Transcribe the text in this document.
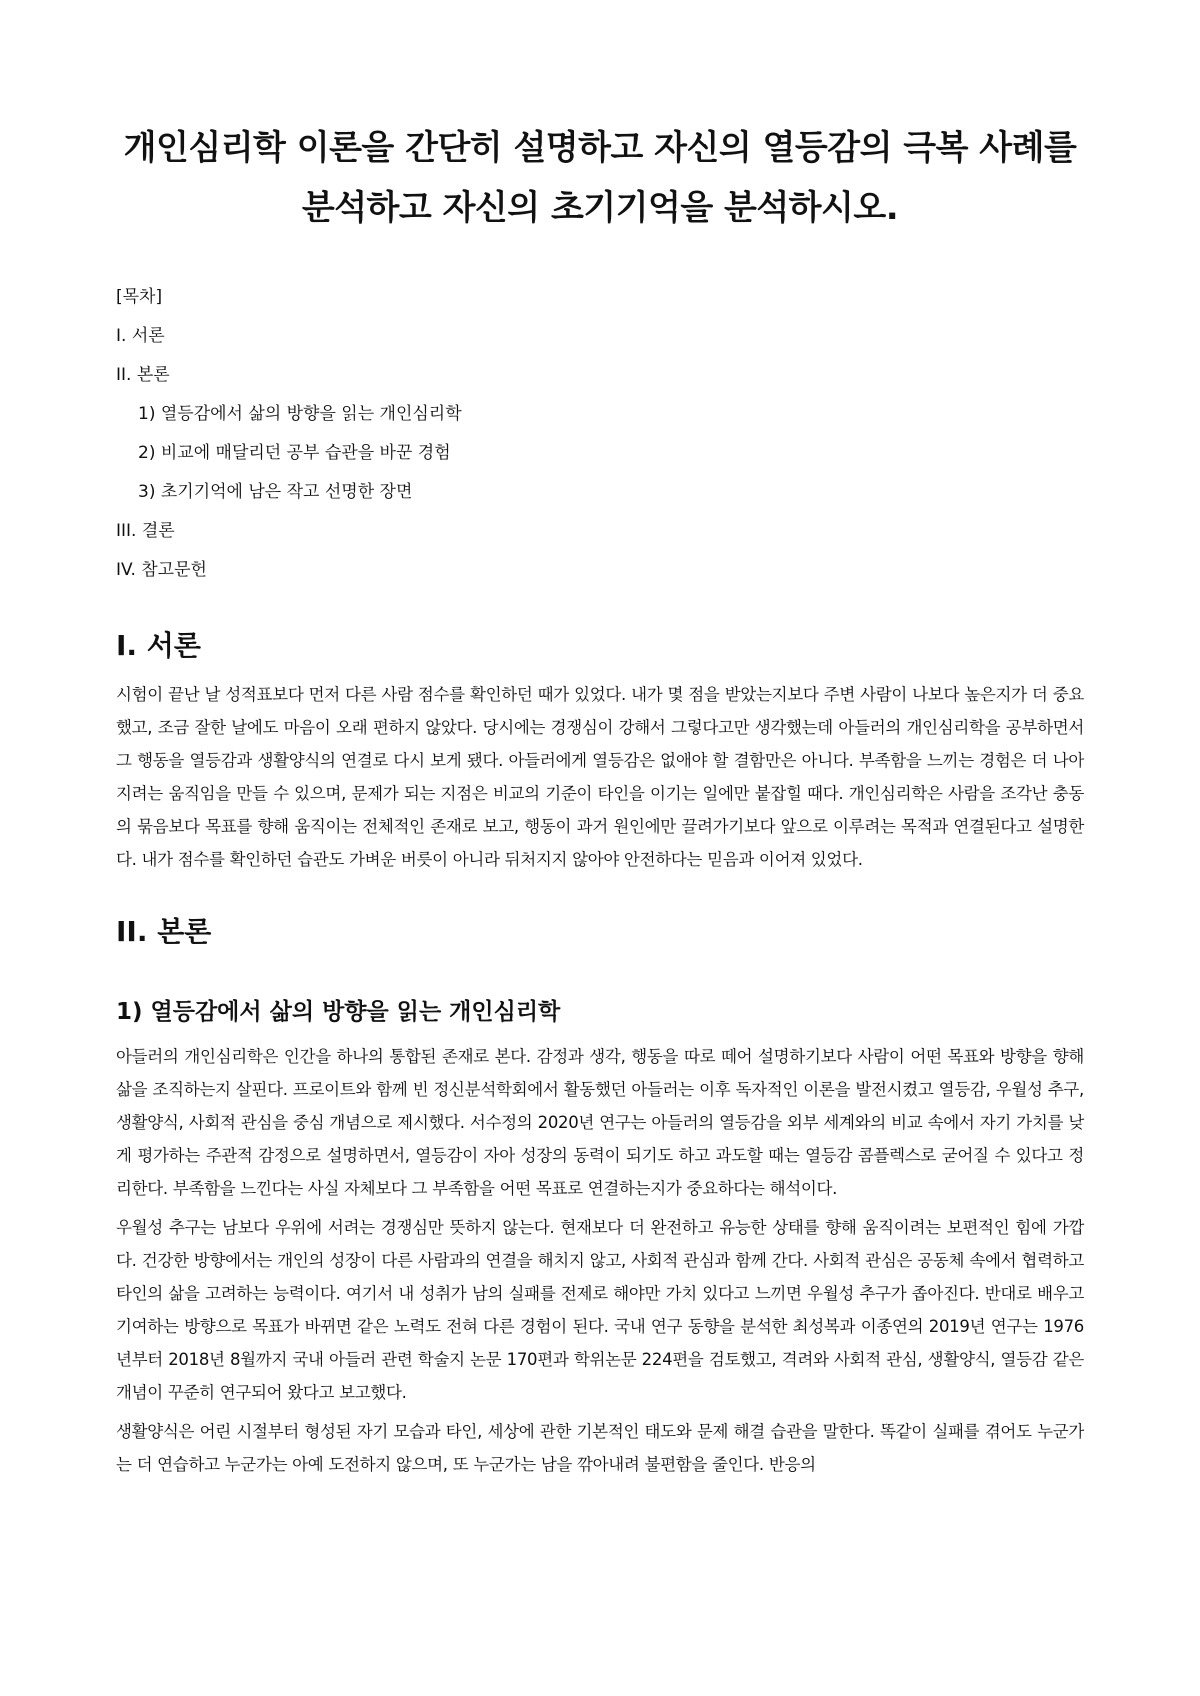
개인심리학 이론을 간단히 설명하고 자신의 열등감의 극복 사례를 분석하고 자신의 초기기억을 분석하시오.
[목차]
I. 서론
II. 본론
1) 열등감에서 삶의 방향을 읽는 개인심리학
2) 비교에 매달리던 공부 습관을 바꾼 경험
3) 초기기억에 남은 작고 선명한 장면
III. 결론
IV. 참고문헌
I. 서론

시험이 끝난 날 성적표보다 먼저 다른 사람 점수를 확인하던 때가 있었다. 내가 몇 점을 받았는지보다 주변 사람이 나보다 높은지가 더 중요했고, 조금 잘한 날에도 마음이 오래 편하지 않았다. 당시에는 경쟁심이 강해서 그렇다고만 생각했는데 아들러의 개인심리학을 공부하면서 그 행동을 열등감과 생활양식의 연결로 다시 보게 됐다. 아들러에게 열등감은 없애야 할 결함만은 아니다. 부족함을 느끼는 경험은 더 나아지려는 움직임을 만들 수 있으며, 문제가 되는 지점은 비교의 기준이 타인을 이기는 일에만 붙잡힐 때다. 개인심리학은 사람을 조각난 충동의 묶음보다 목표를 향해 움직이는 전체적인 존재로 보고, 행동이 과거 원인에만 끌려가기보다 앞으로 이루려는 목적과 연결된다고 설명한다. 내가 점수를 확인하던 습관도 가벼운 버릇이 아니라 뒤처지지 않아야 안전하다는 믿음과 이어져 있었다.

II. 본론
1) 열등감에서 삶의 방향을 읽는 개인심리학

아들러의 개인심리학은 인간을 하나의 통합된 존재로 본다. 감정과 생각, 행동을 따로 떼어 설명하기보다 사람이 어떤 목표와 방향을 향해 삶을 조직하는지 살핀다. 프로이트와 함께 빈 정신분석학회에서 활동했던 아들러는 이후 독자적인 이론을 발전시켰고 열등감, 우월성 추구, 생활양식, 사회적 관심을 중심 개념으로 제시했다. 서수정의 2020년 연구는 아들러의 열등감을 외부 세계와의 비교 속에서 자기 가치를 낮게 평가하는 주관적 감정으로 설명하면서, 열등감이 자아 성장의 동력이 되기도 하고 과도할 때는 열등감 콤플렉스로 굳어질 수 있다고 정리한다. 부족함을 느낀다는 사실 자체보다 그 부족함을 어떤 목표로 연결하는지가 중요하다는 해석이다.

우월성 추구는 남보다 우위에 서려는 경쟁심만 뜻하지 않는다. 현재보다 더 완전하고 유능한 상태를 향해 움직이려는 보편적인 힘에 가깝다. 건강한 방향에서는 개인의 성장이 다른 사람과의 연결을 해치지 않고, 사회적 관심과 함께 간다. 사회적 관심은 공동체 속에서 협력하고 타인의 삶을 고려하는 능력이다. 여기서 내 성취가 남의 실패를 전제로 해야만 가치 있다고 느끼면 우월성 추구가 좁아진다. 반대로 배우고 기여하는 방향으로 목표가 바뀌면 같은 노력도 전혀 다른 경험이 된다. 국내 연구 동향을 분석한 최성복과 이종연의 2019년 연구는 1976년부터 2018년 8월까지 국내 아들러 관련 학술지 논문 170편과 학위논문 224편을 검토했고, 격려와 사회적 관심, 생활양식, 열등감 같은 개념이 꾸준히 연구되어 왔다고 보고했다.

생활양식은 어린 시절부터 형성된 자기 모습과 타인, 세상에 관한 기본적인 태도와 문제 해결 습관을 말한다. 똑같이 실패를 겪어도 누군가는 더 연습하고 누군가는 아예 도전하지 않으며, 또 누군가는 남을 깎아내려 불편함을 줄인다. 반응의
